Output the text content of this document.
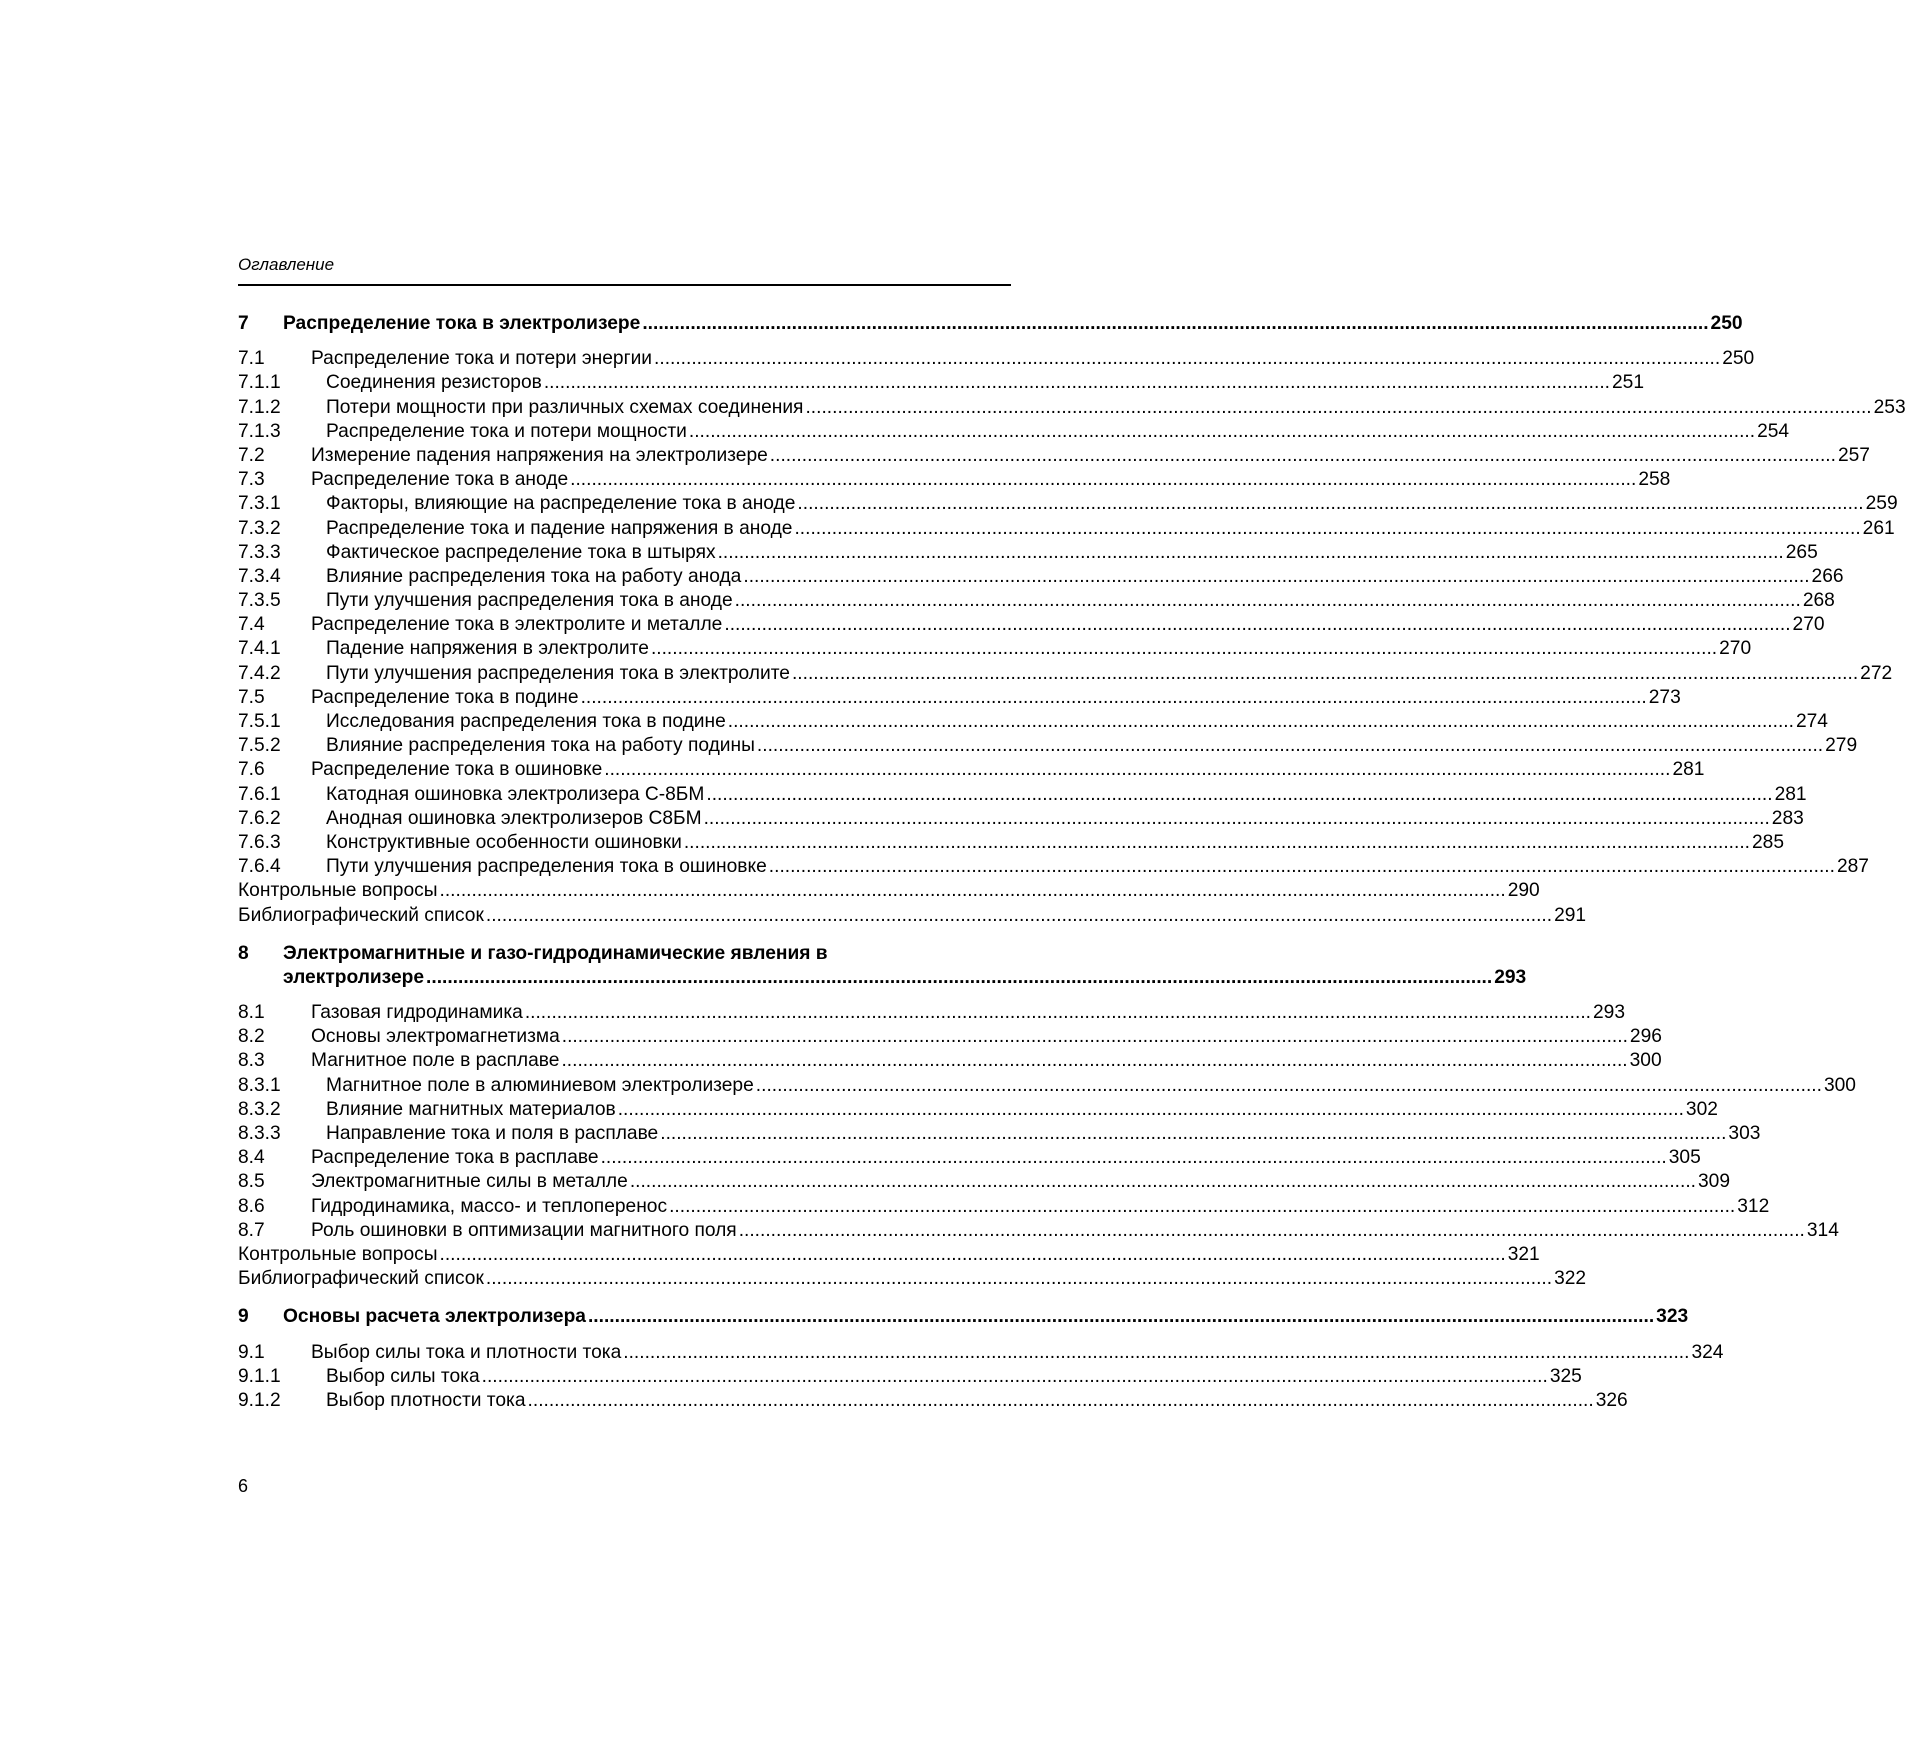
Оглавление
7	Распределение тока в электролизере .....	250
7.1	Распределение тока и потери энергии .....	250
7.1.1	Соединения резисторов .....	251
7.1.2	Потери мощности при различных схемах соединения .....	253
7.1.3	Распределение тока и потери мощности .....	254
7.2	Измерение падения напряжения на электролизере .....	257
7.3	Распределение тока в аноде .....	258
7.3.1	Факторы, влияющие на распределение тока в аноде .....	259
7.3.2	Распределение тока и падение напряжения в аноде .....	261
7.3.3	Фактическое распределение тока в штырях .....	265
7.3.4	Влияние распределения тока на работу анода .....	266
7.3.5	Пути улучшения распределения тока в аноде .....	268
7.4	Распределение тока в электролите и металле .....	270
7.4.1	Падение напряжения в электролите .....	270
7.4.2	Пути улучшения распределения тока в электролите .....	272
7.5	Распределение тока в подине .....	273
7.5.1	Исследования распределения тока в подине .....	274
7.5.2	Влияние распределения тока на работу подины .....	279
7.6	Распределение тока в ошиновке .....	281
7.6.1	Катодная ошиновка электролизера С-8БМ .....	281
7.6.2	Анодная ошиновка электролизеров С8БМ .....	283
7.6.3	Конструктивные особенности ошиновки .....	285
7.6.4	Пути улучшения распределения тока в ошиновке .....	287
Контрольные вопросы .....	290
Библиографический список .....	291
8	Электромагнитные и газо-гидродинамические явления в
электролизере .....	293
8.1	Газовая гидродинамика .....	293
8.2	Основы электромагнетизма .....	296
8.3	Магнитное поле в расплаве .....	300
8.3.1	Магнитное поле в алюминиевом электролизере .....	300
8.3.2	Влияние магнитных материалов .....	302
8.3.3	Направление тока и поля в расплаве .....	303
8.4	Распределение тока в расплаве .....	305
8.5	Электромагнитные силы в металле .....	309
8.6	Гидродинамика, массо- и теплоперенос .....	312
8.7	Роль ошиновки в оптимизации магнитного поля .....	314
Контрольные вопросы .....	321
Библиографический список .....	322
9	Основы расчета электролизера .....	323
9.1	Выбор силы тока и плотности тока .....	324
9.1.1	Выбор силы тока .....	325
9.1.2	Выбор плотности тока .....	326
6
